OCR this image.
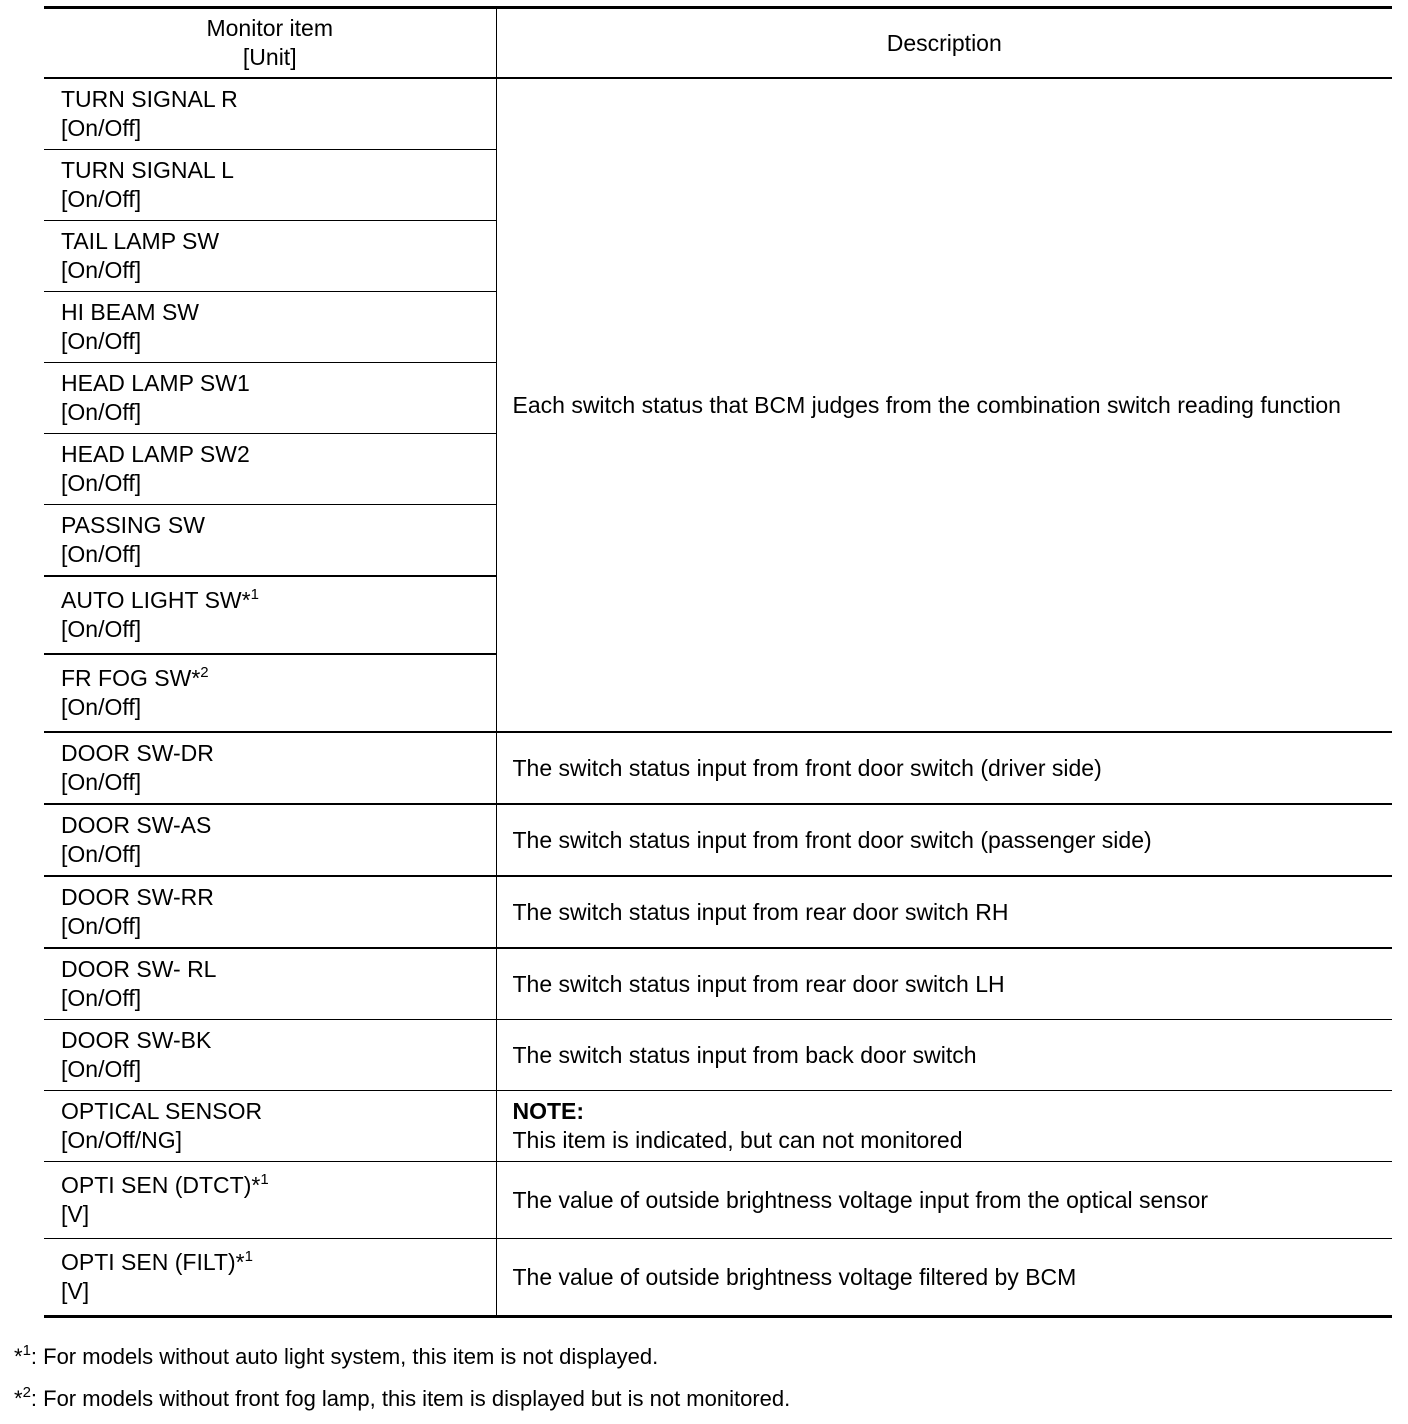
Monitor item
[Unit]	Description

TURN SIGNAL R
[On/Off]	Each switch status that BCM judges from the combination switch reading function

TURN SIGNAL L
[On/Off]	

TAIL LAMP SW
[On/Off]	

HI BEAM SW
[On/Off]	

HEAD LAMP SW1
[On/Off]	

HEAD LAMP SW2
[On/Off]	

PASSING SW
[On/Off]	

AUTO LIGHT SW*$^1$
[On/Off]	

FR FOG SW*$^2$
[On/Off]	

DOOR SW-DR
[On/Off]	The switch status input from front door switch (driver side)

DOOR SW-AS
[On/Off]	The switch status input from front door switch (passenger side)

DOOR SW-RR
[On/Off]	The switch status input from rear door switch RH

DOOR SW- RL
[On/Off]	The switch status input from rear door switch LH

DOOR SW-BK
[On/Off]	The switch status input from back door switch

OPTICAL SENSOR
[On/Off/NG]	NOTE:
This item is indicated, but can not monitored

OPTI SEN (DTCT)*$^1$
[V]	The value of outside brightness voltage input from the optical sensor

OPTI SEN (FILT)*$^1$
[V]	The value of outside brightness voltage filtered by BCM
*$^1$: For models without auto light system, this item is not displayed.
*$^2$: For models without front fog lamp, this item is displayed but is not monitored.
